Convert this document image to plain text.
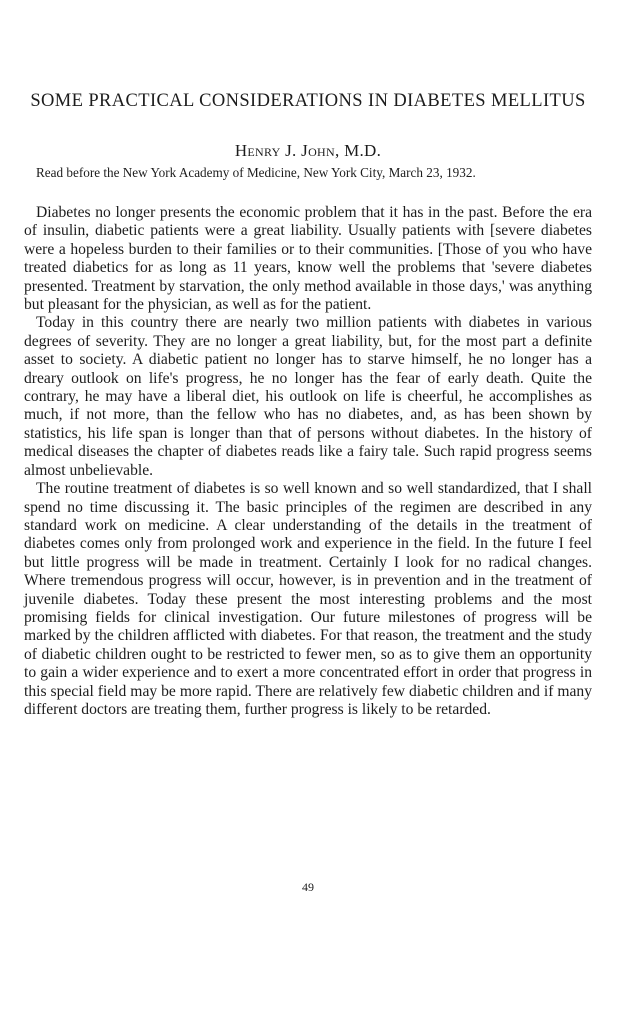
SOME PRACTICAL CONSIDERATIONS IN DIABETES MELLITUS

Henry J. John, M.D.

Read before the New York Academy of Medicine, New York City, March 23, 1932.

Diabetes no longer presents the economic problem that it has in the past. Before the era of insulin, diabetic patients were a great liability. Usually patients with [severe diabetes were a hopeless burden to their families or to their communities. [Those of you who have treated diabetics for as long as 11 years, know well the problems that 'severe diabetes presented. Treatment by starvation, the only method available in those days,' was anything but pleasant for the physician, as well as for the patient.

Today in this country there are nearly two million patients with diabetes in various degrees of severity. They are no longer a great liability, but, for the most part a definite asset to society. A diabetic patient no longer has to starve himself, he no longer has a dreary outlook on life's progress, he no longer has the fear of early death. Quite the contrary, he may have a liberal diet, his outlook on life is cheerful, he accomplishes as much, if not more, than the fellow who has no diabetes, and, as has been shown by statistics, his life span is longer than that of persons without diabetes. In the history of medical diseases the chapter of diabetes reads like a fairy tale. Such rapid progress seems almost unbelievable.

The routine treatment of diabetes is so well known and so well standardized, that I shall spend no time discussing it. The basic principles of the regimen are described in any standard work on medicine. A clear understanding of the details in the treatment of diabetes comes only from prolonged work and experience in the field. In the future I feel but little progress will be made in treatment. Certainly I look for no radical changes. Where tremendous progress will occur, however, is in prevention and in the treatment of juvenile diabetes. Today these present the most interesting problems and the most promising fields for clinical investigation. Our future milestones of progress will be marked by the children afflicted with diabetes. For that reason, the treatment and the study of diabetic children ought to be restricted to fewer men, so as to give them an opportunity to gain a wider experience and to exert a more concentrated effort in order that progress in this special field may be more rapid. There are relatively few diabetic children and if many different doctors are treating them, further progress is likely to be retarded.

49
